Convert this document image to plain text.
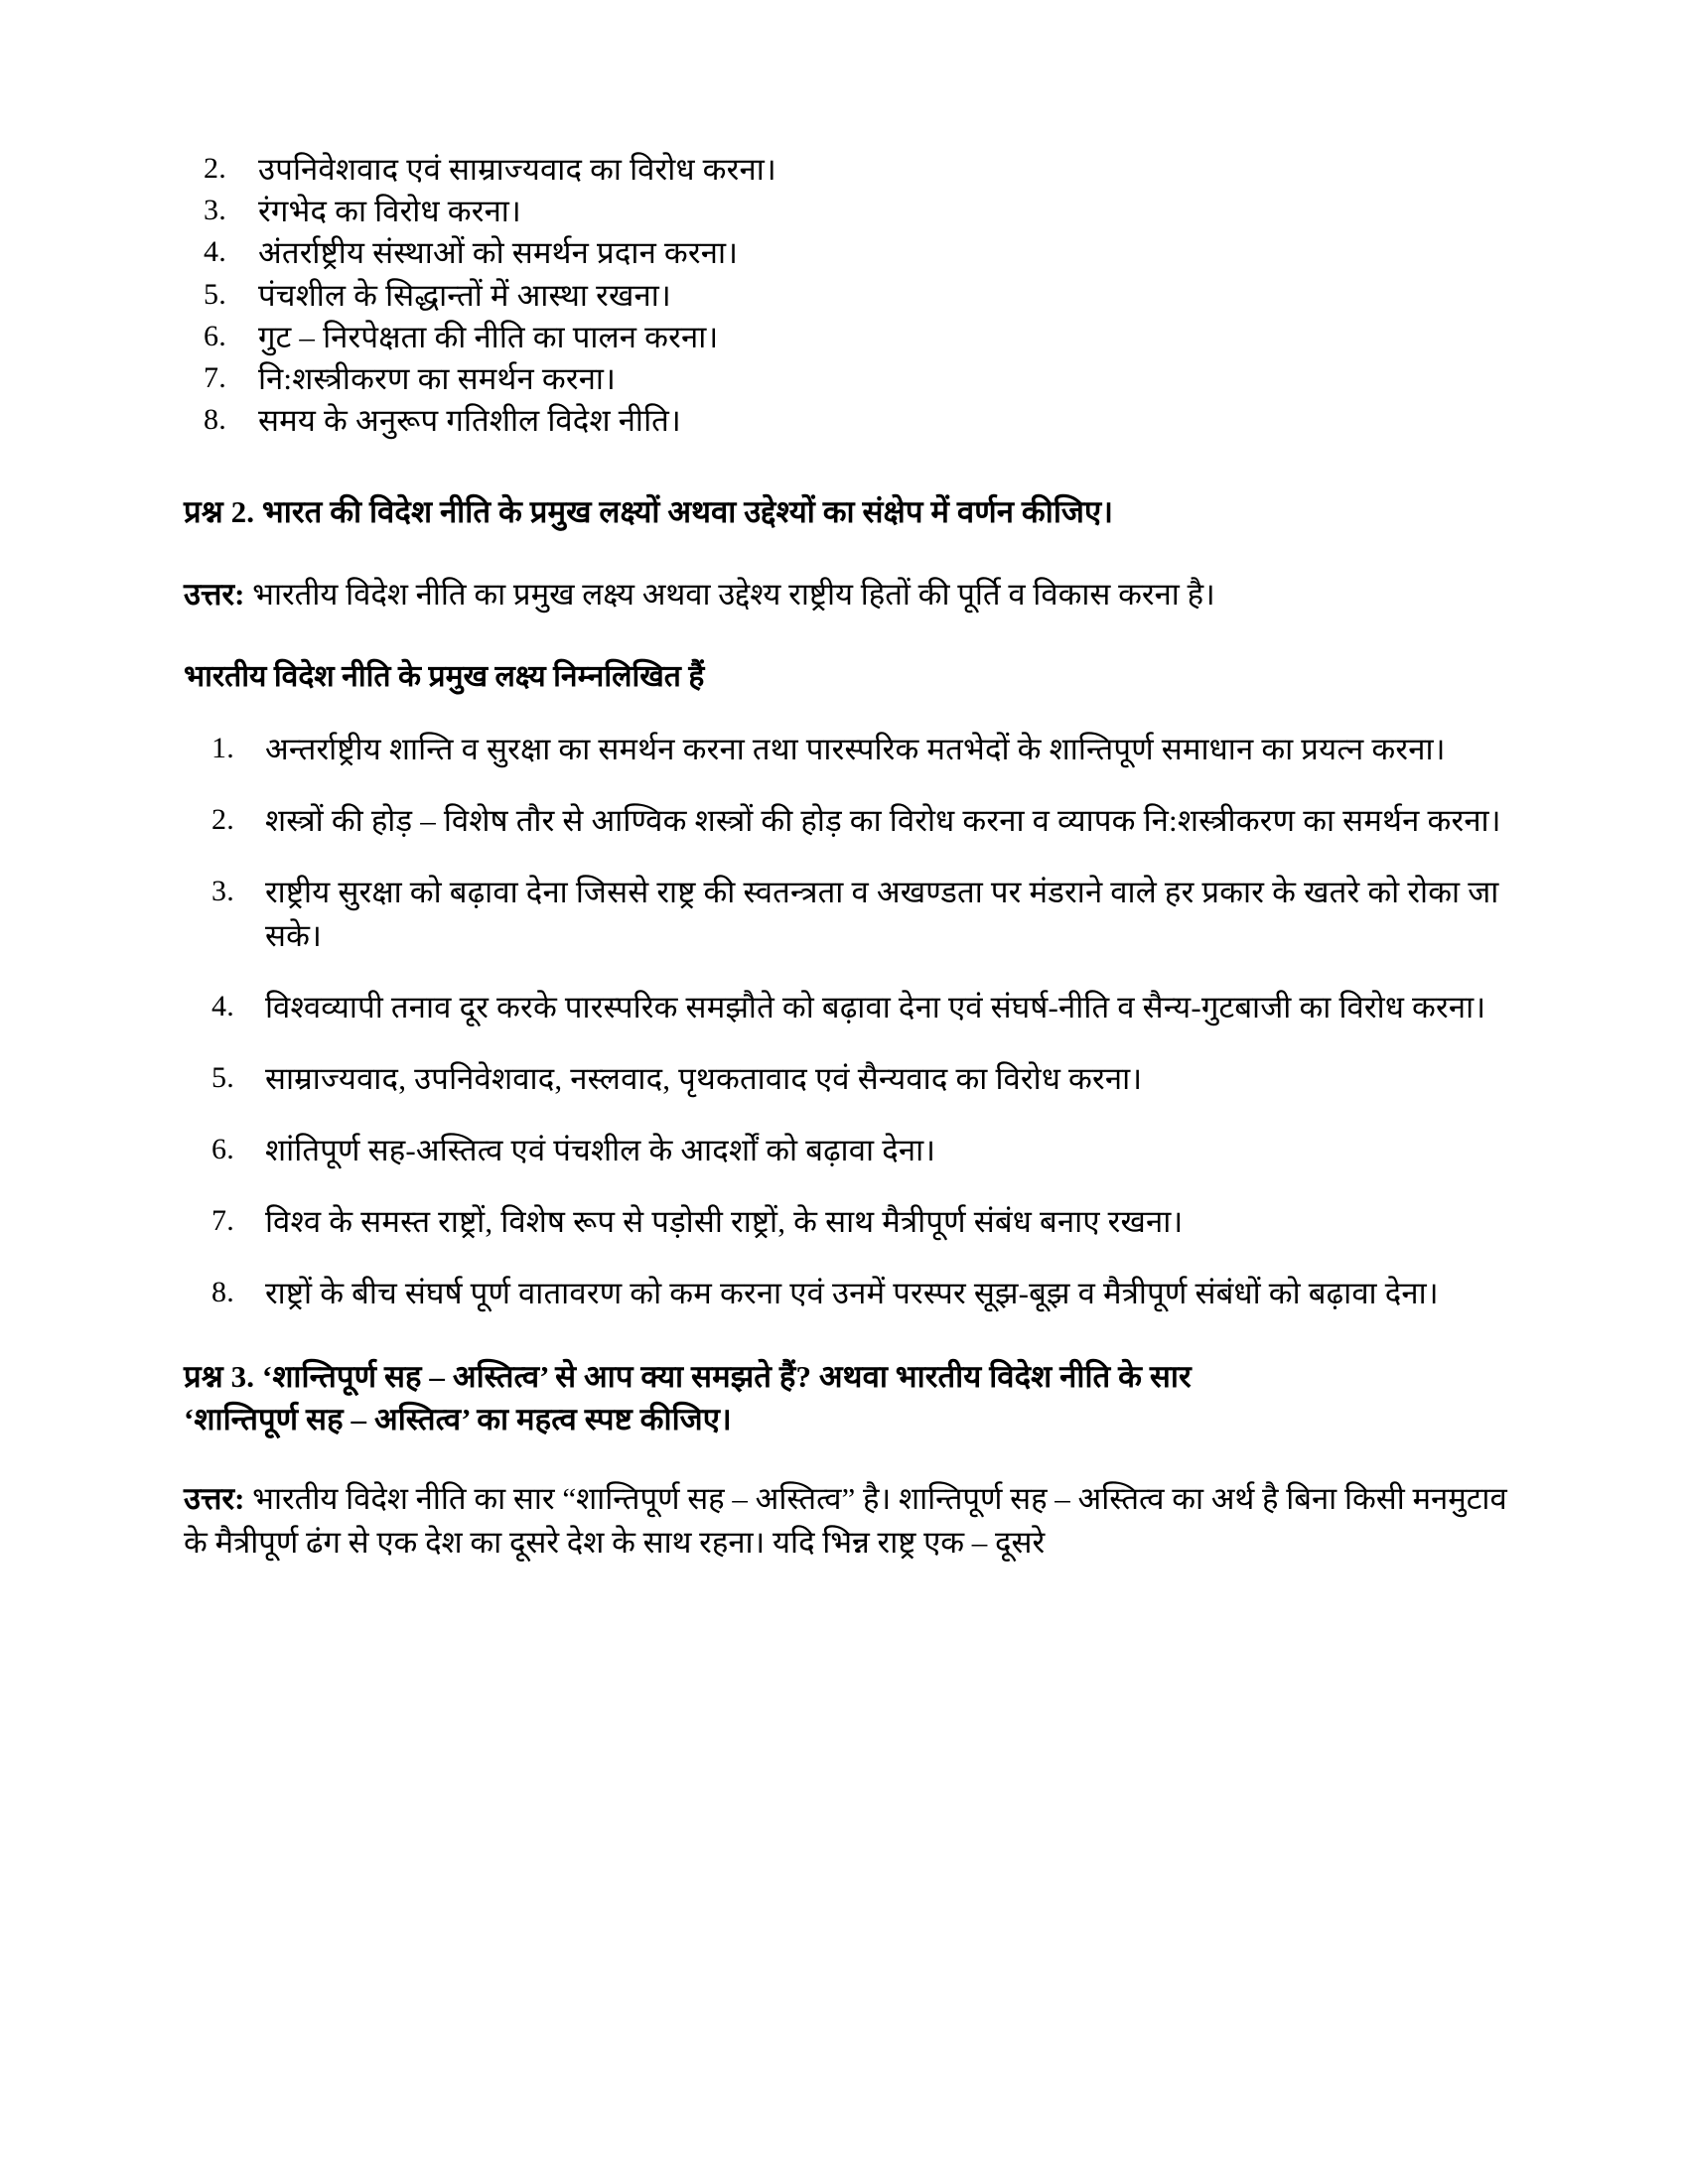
2.	उपनिवेशवाद एवं साम्राज्यवाद का विरोध करना।
3.	रंगभेद का विरोध करना।
4.	अंतर्राष्ट्रीय संस्थाओं को समर्थन प्रदान करना।
5.	पंचशील के सिद्धान्तों में आस्था रखना।
6.	गुट – निरपेक्षता की नीति का पालन करना।
7.	नि:शस्त्रीकरण का समर्थन करना।
8.	समय के अनुरूप गतिशील विदेश नीति।

प्रश्न 2. भारत की विदेश नीति के प्रमुख लक्ष्यों अथवा उद्देश्यों का संक्षेप में वर्णन कीजिए।

उत्तर: भारतीय विदेश नीति का प्रमुख लक्ष्य अथवा उद्देश्य राष्ट्रीय हितों की पूर्ति व विकास करना है।

भारतीय विदेश नीति के प्रमुख लक्ष्य निम्नलिखित हैं

1.	अन्तर्राष्ट्रीय शान्ति व सुरक्षा का समर्थन करना तथा पारस्परिक मतभेदों के शान्तिपूर्ण समाधान का प्रयत्न करना।
2.	शस्त्रों की होड़ – विशेष तौर से आण्विक शस्त्रों की होड़ का विरोध करना व व्यापक नि:शस्त्रीकरण का समर्थन करना।
3.	राष्ट्रीय सुरक्षा को बढ़ावा देना जिससे राष्ट्र की स्वतन्त्रता व अखण्डता पर मंडराने वाले हर प्रकार के खतरे को रोका जा सके।
4.	विश्वव्यापी तनाव दूर करके पारस्परिक समझौते को बढ़ावा देना एवं संघर्ष-नीति व सैन्य-गुटबाजी का विरोध करना।
5.	साम्राज्यवाद, उपनिवेशवाद, नस्लवाद, पृथकतावाद एवं सैन्यवाद का विरोध करना।
6.	शांतिपूर्ण सह-अस्तित्व एवं पंचशील के आदर्शों को बढ़ावा देना।
7.	विश्व के समस्त राष्ट्रों, विशेष रूप से पड़ोसी राष्ट्रों, के साथ मैत्रीपूर्ण संबंध बनाए रखना।
8.	राष्ट्रों के बीच संघर्ष पूर्ण वातावरण को कम करना एवं उनमें परस्पर सूझ-बूझ व मैत्रीपूर्ण संबंधों को बढ़ावा देना।

प्रश्न 3. ‘शान्तिपूर्ण सह – अस्तित्व’ से आप क्या समझते हैं? अथवा भारतीय विदेश नीति के सार

‘शान्तिपूर्ण सह – अस्तित्व’ का महत्व स्पष्ट कीजिए।

उत्तर: भारतीय विदेश नीति का सार “शान्तिपूर्ण सह – अस्तित्व” है। शान्तिपूर्ण सह – अस्तित्व का अर्थ है बिना किसी मनमुटाव के मैत्रीपूर्ण ढंग से एक देश का दूसरे देश के साथ रहना। यदि भिन्न राष्ट्र एक – दूसरे
